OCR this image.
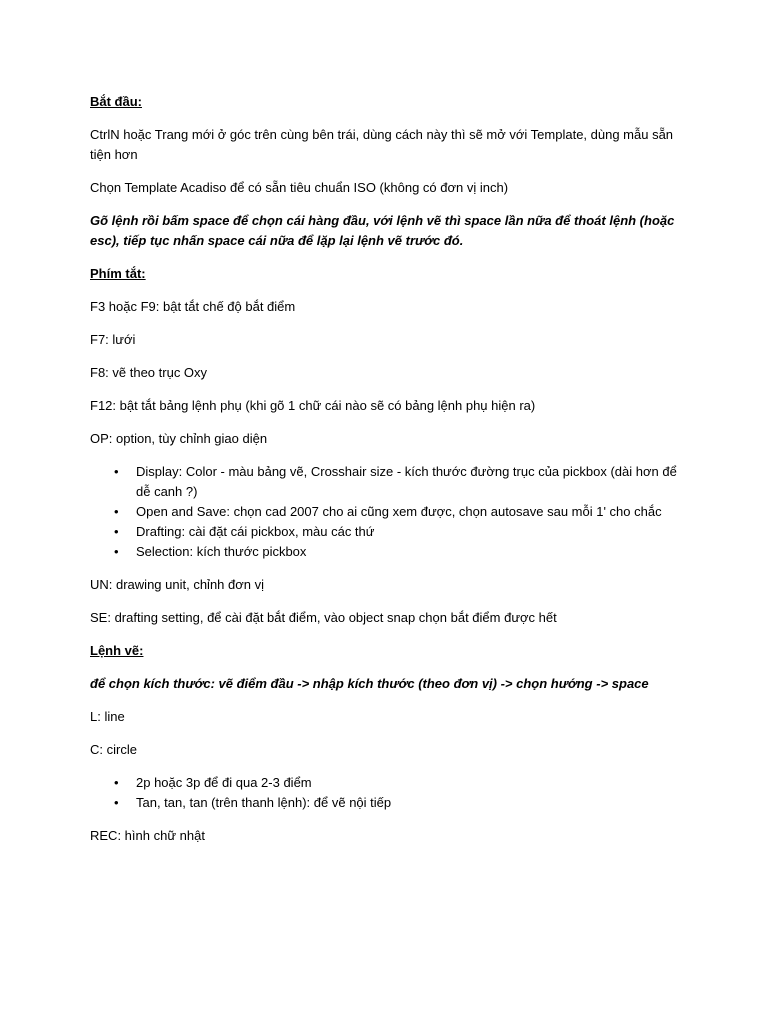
Bắt đầu:

CtrlN hoặc Trang mới ở góc trên cùng bên trái, dùng cách này thì sẽ mở với Template, dùng mẫu sẵn tiện hơn

Chọn Template Acadiso để có sẵn tiêu chuẩn ISO (không có đơn vị inch)

Gõ lệnh rồi bấm space để chọn cái hàng đầu, với lệnh vẽ thì space lần nữa để thoát lệnh (hoặc esc), tiếp tục nhấn space cái nữa để lặp lại lệnh vẽ trước đó.

Phím tắt:

F3 hoặc F9: bật tắt chế độ bắt điểm

F7: lưới

F8: vẽ theo trục Oxy

F12: bật tắt bảng lệnh phụ (khi gõ 1 chữ cái nào sẽ có bảng lệnh phụ hiện ra)

OP: option, tùy chỉnh giao diện

• Display: Color - màu bảng vẽ, Crosshair size - kích thước đường trục của pickbox (dài hơn để dễ canh ?)
• Open and Save: chọn cad 2007 cho ai cũng xem được, chọn autosave sau mỗi 1' cho chắc
• Drafting: cài đặt cái pickbox, màu các thứ
• Selection: kích thước pickbox

UN: drawing unit, chỉnh đơn vị

SE: drafting setting, để cài đặt bắt điểm, vào object snap chọn bắt điểm được hết

Lệnh vẽ:

để chọn kích thước: vẽ điểm đầu -> nhập kích thước (theo đơn vị) -> chọn hướng -> space

L: line

C: circle

• 2p hoặc 3p để đi qua 2-3 điểm
• Tan, tan, tan (trên thanh lệnh): để vẽ nội tiếp

REC: hình chữ nhật
